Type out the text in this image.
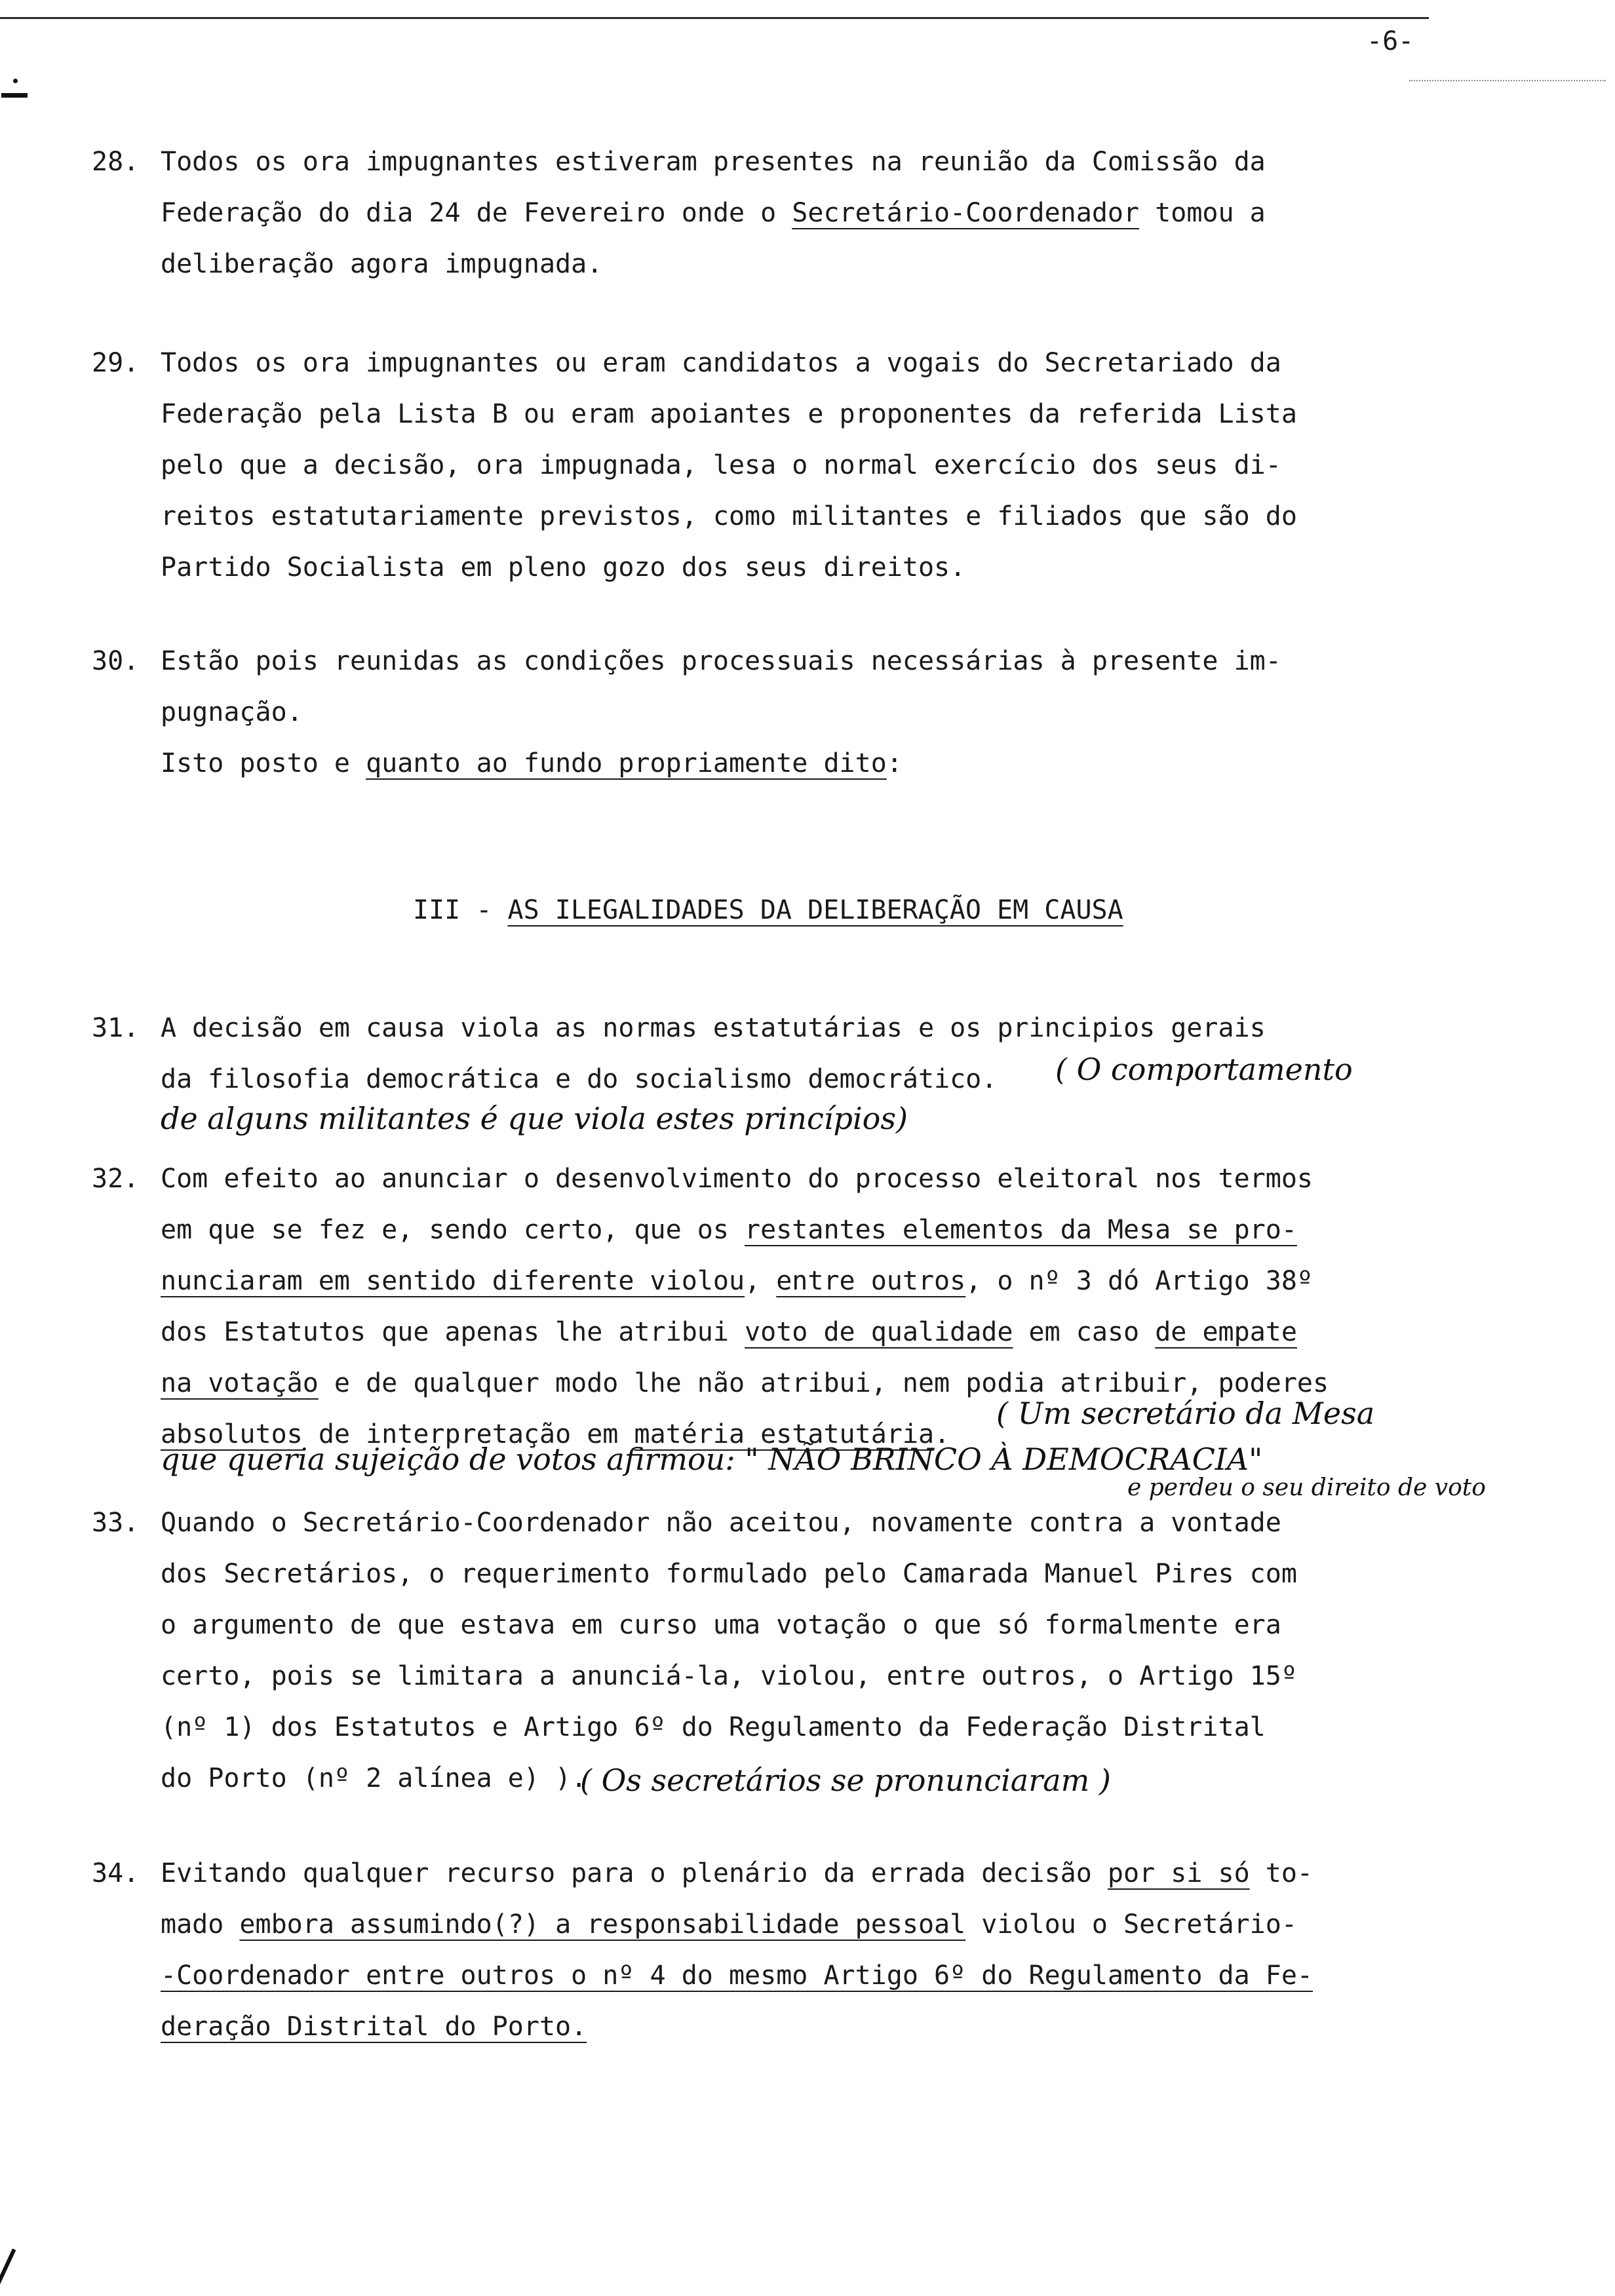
-6-
28. Todos os ora impugnantes estiveram presentes na reunião da Comissão da
Federação do dia 24 de Fevereiro onde o Secretário-Coordenador tomou a
deliberação agora impugnada.
29. Todos os ora impugnantes ou eram candidatos a vogais do Secretariado da
Federação pela Lista B ou eram apoiantes e proponentes da referida Lista
pelo que a decisão, ora impugnada, lesa o normal exercício dos seus di-
reitos estatutariamente previstos, como militantes e filiados que são do
Partido Socialista em pleno gozo dos seus direitos.
30. Estão pois reunidas as condições processuais necessárias à presente im-
pugnação.
Isto posto e quanto ao fundo propriamente dito:
III - AS ILEGALIDADES DA DELIBERAÇÃO EM CAUSA
31. A decisão em causa viola as normas estatutárias e os principios gerais
da filosofia democrática e do socialismo democrático.
32. Com efeito ao anunciar o desenvolvimento do processo eleitoral nos termos
em que se fez e, sendo certo, que os restantes elementos da Mesa se pro-
nunciaram em sentido diferente violou, entre outros, o nº 3 dó Artigo 38º
dos Estatutos que apenas lhe atribui voto de qualidade em caso de empate
na votação e de qualquer modo lhe não atribui, nem podia atribuir, poderes
absolutos de interpretação em matéria estatutária.
33. Quando o Secretário-Coordenador não aceitou, novamente contra a vontade
dos Secretários, o requerimento formulado pelo Camarada Manuel Pires com
o argumento de que estava em curso uma votação o que só formalmente era
certo, pois se limitara a anunciá-la, violou, entre outros, o Artigo 15º
(nº 1) dos Estatutos e Artigo 6º do Regulamento da Federação Distrital
do Porto (nº 2 alínea e) ).
34. Evitando qualquer recurso para o plenário da errada decisão por si só to-
mado embora assumindo(?) a responsabilidade pessoal violou o Secretário-
-Coordenador entre outros o nº 4 do mesmo Artigo 6º do Regulamento da Fe-
deração Distrital do Porto.
( O comportamento
de alguns militantes é que viola estes princípios)
( Um secretário da Mesa
que queria sujeição de votos afirmou: " NÃO BRINCO À DEMOCRACIA"
e perdeu o seu direito de voto
( Os secretários se pronunciaram )
